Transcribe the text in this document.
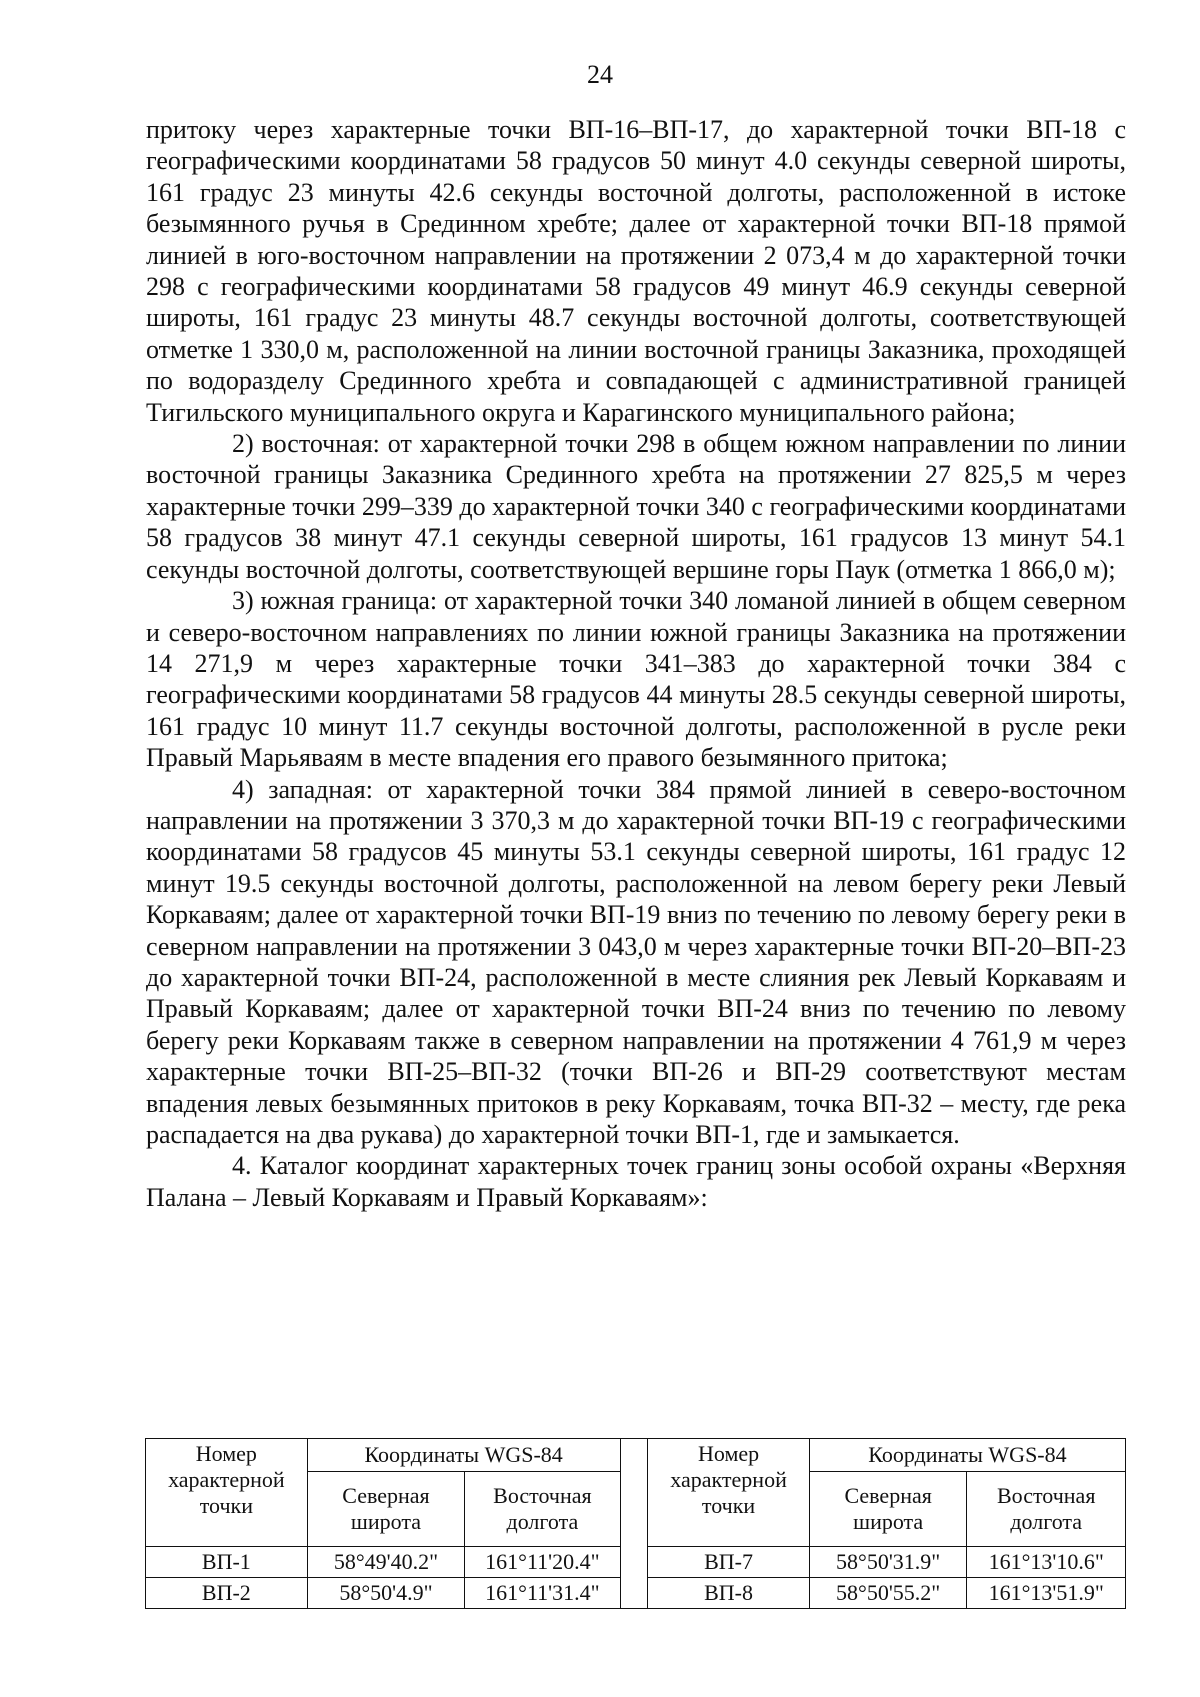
24

притоку через характерные точки ВП-16–ВП-17, до характерной точки ВП-18 с географическими координатами 58 градусов 50 минут 4.0 секунды северной широты, 161 градус 23 минуты 42.6 секунды восточной долготы, расположенной в истоке безымянного ручья в Срединном хребте; далее от характерной точки ВП-18 прямой линией в юго-восточном направлении на протяжении 2 073,4 м до характерной точки 298 с географическими координатами 58 градусов 49 минут 46.9 секунды северной широты, 161 градус 23 минуты 48.7 секунды восточной долготы, соответствующей отметке 1 330,0 м, расположенной на линии восточной границы Заказника, проходящей по водоразделу Срединного хребта и совпадающей с административной границей Тигильского муниципального округа и Карагинского муниципального района;

2) восточная: от характерной точки 298 в общем южном направлении по линии восточной границы Заказника Срединного хребта на протяжении 27 825,5 м через характерные точки 299–339 до характерной точки 340 с географическими координатами 58 градусов 38 минут 47.1 секунды северной широты, 161 градусов 13 минут 54.1 секунды восточной долготы, соответствующей вершине горы Паук (отметка 1 866,0 м);

3) южная граница: от характерной точки 340 ломаной линией в общем северном и северо-восточном направлениях по линии южной границы Заказника на протяжении 14 271,9 м через характерные точки 341–383 до характерной точки 384 с географическими координатами 58 градусов 44 минуты 28.5 секунды северной широты, 161 градус 10 минут 11.7 секунды восточной долготы, расположенной в русле реки Правый Марьяваям в месте впадения его правого безымянного притока;

4) западная: от характерной точки 384 прямой линией в северо-восточном направлении на протяжении 3 370,3 м до характерной точки ВП-19 с географическими координатами 58 градусов 45 минуты 53.1 секунды северной широты, 161 градус 12 минут 19.5 секунды восточной долготы, расположенной на левом берегу реки Левый Коркаваям; далее от характерной точки ВП-19 вниз по течению по левому берегу реки в северном направлении на протяжении 3 043,0 м через характерные точки ВП-20–ВП-23 до характерной точки ВП-24, расположенной в месте слияния рек Левый Коркаваям и Правый Коркаваям; далее от характерной точки ВП-24 вниз по течению по левому берегу реки Коркаваям также в северном направлении на протяжении 4 761,9 м через характерные точки ВП-25–ВП-32 (точки ВП-26 и ВП-29 соответствуют местам впадения левых безымянных притоков в реку Коркаваям, точка ВП-32 – месту, где река распадается на два рукава) до характерной точки ВП-1, где и замыкается.

4. Каталог координат характерных точек границ зоны особой охраны «Верхняя Палана – Левый Коркаваям и Правый Коркаваям»:

Номер характерной точки	Координаты WGS-84			Номер характерной точки	Координаты WGS-84	
	Северная широта	Восточная долгота			Северная широта	Восточная долгота
ВП-1	58°49'40.2"	161°11'20.4"		ВП-7	58°50'31.9"	161°13'10.6"
ВП-2	58°50'4.9"	161°11'31.4"		ВП-8	58°50'55.2"	161°13'51.9"
